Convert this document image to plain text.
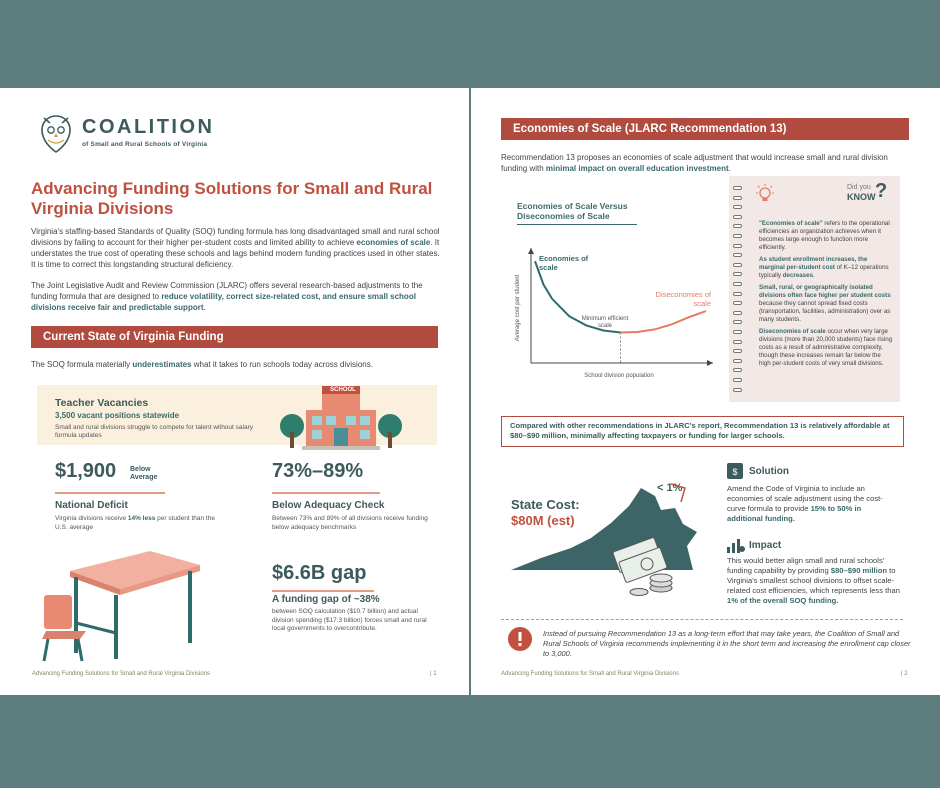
COALITION
of Small and Rural Schools of Virginia
Advancing Funding Solutions for Small and Rural Virginia Divisions
Virginia's staffing-based Standards of Quality (SOQ) funding formula has long disadvantaged small and rural school divisions by failing to account for their higher per-student costs and limited ability to achieve economies of scale. It understates the true cost of operating these schools and lags behind modern funding practices used in other states. It is time to correct this longstanding structural deficiency.
The Joint Legislative Audit and Review Commission (JLARC) offers several research-based adjustments to the funding formula that are designed to reduce volatility, correct size-related cost, and ensure small school divisions receive fair and predictable support.
Current State of Virginia Funding
The SOQ formula materially underestimates what it takes to run schools today across divisions.
Teacher Vacancies
3,500 vacant positions statewide
Small and rural divisions struggle to compete for talent without salary formula updates
SCHOOL
$1,900 Below Average
National Deficit
Virginia divisions receive 14% less per student than the U.S. average
73%–89%
Below Adequacy Check
Between 73% and 89% of all divisions receive funding below adequacy benchmarks
$6.6B gap
A funding gap of ~38%
between SOQ calculation ($10.7 billion) and actual division spending ($17.3 billion) forces small and rural local governments to overcontribute.
Advancing Funding Solutions for Small and Rural Virginia Divisions	| 1
Economies of Scale (JLARC Recommendation 13)
Recommendation 13 proposes an economies of scale adjustment that would increase small and rural division funding with minimal impact on overall education investment.
Economies of Scale Versus Diseconomies of Scale
Average cost per student
School division population
Economies of scale
Diseconomies of scale
Minimum efficient scale
Did you
KNOW ?

"Economies of scale" refers to the operational efficiencies an organization achieves when it becomes large enough to function more efficiently.

As student enrollment increases, the marginal per-student cost of K–12 operations typically decreases.

Small, rural, or geographically isolated divisions often face higher per student costs because they cannot spread fixed costs (transportation, facilities, administration) over as many students.

Diseconomies of scale occur when very large divisions (more than 20,000 students) face rising costs as a result of administrative complexity, though these increases remain far below the high per-student costs of very small divisions.

Compared with other recommendations in JLARC's report, Recommendation 13 is relatively affordable at $80–$90 million, minimally affecting taxpayers or funding for larger schools.
State Cost:
$80M (est)
< 1%
$ Solution
Amend the Code of Virginia to include an economies of scale adjustment using the cost-curve formula to provide 15% to 50% in additional funding.
Impact
This would better align small and rural schools' funding capability by providing $80–$90 million to Virginia's smallest school divisions to offset scale-related cost efficiencies, which represents less than 1% of the overall SOQ funding.
Instead of pursuing Recommendation 13 as a long-term effort that may take years, the Coalition of Small and Rural Schools of Virginia recommends implementing it in the short term and increasing the enrollment cap closer to 3,000.
Advancing Funding Solutions for Small and Rural Virginia Divisions	| 2
